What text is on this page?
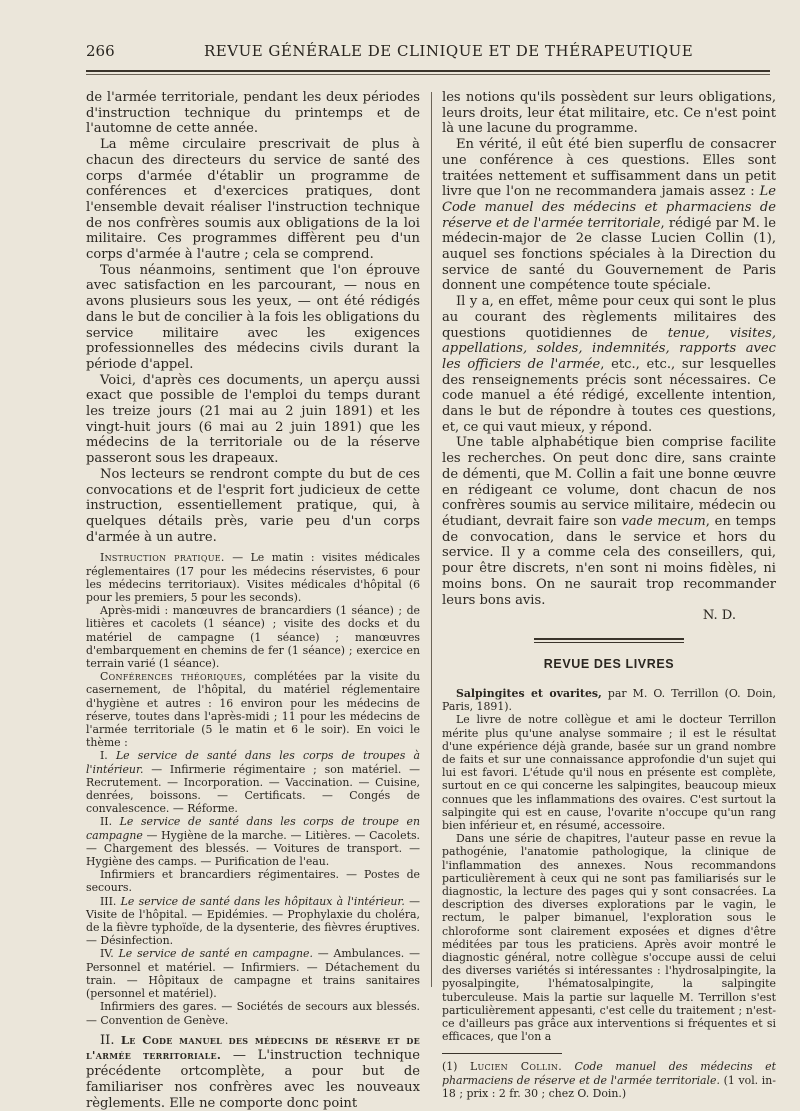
266	REVUE GÉNÉRALE DE CLINIQUE ET DE THÉRAPEUTIQUE

de l'armée territoriale, pendant les deux périodes d'instruction technique du printemps et de l'automne de cette année.

La même circulaire prescrivait de plus à chacun des directeurs du service de santé des corps d'armée d'établir un programme de conférences et d'exercices pratiques, dont l'ensemble devait réaliser l'instruction technique de nos confrères soumis aux obligations de la loi militaire. Ces programmes diffèrent peu d'un corps d'armée à l'autre ; cela se comprend.

Tous néanmoins, sentiment que l'on éprouve avec satisfaction en les parcourant, — nous en avons plusieurs sous les yeux, — ont été rédigés dans le but de concilier à la fois les obligations du service militaire avec les exigences professionnelles des médecins civils durant la période d'appel.

Voici, d'après ces documents, un aperçu aussi exact que possible de l'emploi du temps durant les treize jours (21 mai au 2 juin 1891) et les vingt-huit jours (6 mai au 2 juin 1891) que les médecins de la territoriale ou de la réserve passeront sous les drapeaux.

Nos lecteurs se rendront compte du but de ces convocations et de l'esprit fort judicieux de cette instruction, essentiellement pratique, qui, à quelques détails près, varie peu d'un corps d'armée à un autre.

Instruction pratique. — Le matin : visites médicales réglementaires (17 pour les médecins réservistes, 6 pour les médecins territoriaux). Visites médicales d'hôpital (6 pour les premiers, 5 pour les seconds).

Après-midi : manœuvres de brancardiers (1 séance) ; de litières et cacolets (1 séance) ; visite des docks et du matériel de campagne (1 séance) ; manœuvres d'embarquement en chemins de fer (1 séance) ; exercice en terrain varié (1 séance).

Conférences théoriques, complétées par la visite du casernement, de l'hôpital, du matériel réglementaire d'hygiène et autres : 16 environ pour les médecins de réserve, toutes dans l'après-midi ; 11 pour les médecins de l'armée territoriale (5 le matin et 6 le soir). En voici le thème :

I. Le service de santé dans les corps de troupes à l'intérieur. — Infirmerie régimentaire ; son matériel. — Recrutement. — Incorporation. — Vaccination. — Cuisine, denrées, boissons. — Certificats. — Congés de convalescence. — Réforme.

II. Le service de santé dans les corps de troupe en campagne — Hygiène de la marche. — Litières. — Cacolets. — Chargement des blessés. — Voitures de transport. — Hygiène des camps. — Purification de l'eau.

Infirmiers et brancardiers régimentaires. — Postes de secours.

III. Le service de santé dans les hôpitaux à l'intérieur. — Visite de l'hôpital. — Epidémies. — Prophylaxie du choléra, de la fièvre typhoïde, de la dysenterie, des fièvres éruptives. — Désinfection.

IV. Le service de santé en campagne. — Ambulances. — Personnel et matériel. — Infirmiers. — Détachement du train. — Hôpitaux de campagne et trains sanitaires (personnel et matériel).

Infirmiers des gares. — Sociétés de secours aux blessés. — Convention de Genève.

II. Le Code manuel des médecins de réserve et de l'armée territoriale. — L'instruction technique précédente ortcomplète, a pour but de familiariser nos confrères avec les nouveaux règlements. Elle ne comporte donc point

les notions qu'ils possèdent sur leurs obligations, leurs droits, leur état militaire, etc. Ce n'est point là une lacune du programme.

En vérité, il eût été bien superflu de consacrer une conférence à ces questions. Elles sont traitées nettement et suffisamment dans un petit livre que l'on ne recommandera jamais assez : Le Code manuel des médecins et pharmaciens de réserve et de l'armée territoriale, rédigé par M. le médecin-major de 2e classe Lucien Collin (1), auquel ses fonctions spéciales à la Direction du service de santé du Gouvernement de Paris donnent une compétence toute spéciale.

Il y a, en effet, même pour ceux qui sont le plus au courant des règlements militaires des questions quotidiennes de tenue, visites, appellations, soldes, indemnités, rapports avec les officiers de l'armée, etc., etc., sur lesquelles des renseignements précis sont nécessaires. Ce code manuel a été rédigé, excellente intention, dans le but de répondre à toutes ces questions, et, ce qui vaut mieux, y répond.

Une table alphabétique bien comprise facilite les recherches. On peut donc dire, sans crainte de démenti, que M. Collin a fait une bonne œuvre en rédigeant ce volume, dont chacun de nos confrères soumis au service militaire, médecin ou étudiant, devrait faire son vade mecum, en temps de convocation, dans le service et hors du service. Il y a comme cela des conseillers, qui, pour être discrets, n'en sont ni moins fidèles, ni moins bons. On ne saurait trop recommander leurs bons avis.

N. D.

REVUE DES LIVRES

Salpingites et ovarites, par M. O. Terrillon (O. Doin, Paris, 1891).

Le livre de notre collègue et ami le docteur Terrillon mérite plus qu'une analyse sommaire ; il est le résultat d'une expérience déjà grande, basée sur un grand nombre de faits et sur une connaissance approfondie d'un sujet qui lui est favori. L'étude qu'il nous en présente est complète, surtout en ce qui concerne les salpingites, beaucoup mieux connues que les inflammations des ovaires. C'est surtout la salpingite qui est en cause, l'ovarite n'occupe qu'un rang bien inférieur et, en résumé, accessoire.

Dans une série de chapitres, l'auteur passe en revue la pathogénie, l'anatomie pathologique, la clinique de l'inflammation des annexes. Nous recommandons particulièrement à ceux qui ne sont pas familiarisés sur le diagnostic, la lecture des pages qui y sont consacrées. La description des diverses explorations par le vagin, le rectum, le palper bimanuel, l'exploration sous le chloroforme sont clairement exposées et dignes d'être méditées par tous les praticiens. Après avoir montré le diagnostic général, notre collègue s'occupe aussi de celui des diverses variétés si intéressantes : l'hydrosalpingite, la pyosalpingite, l'hématosalpingite, la salpingite tuberculeuse. Mais la partie sur laquelle M. Terrillon s'est particulièrement appesanti, c'est celle du traitement ; n'est-ce d'ailleurs pas grâce aux interventions si fréquentes et si efficaces, que l'on a

(1) Lucien Collin. Code manuel des médecins et pharmaciens de réserve et de l'armée territoriale. (1 vol. in-18 ; prix : 2 fr. 30 ; chez O. Doin.)
